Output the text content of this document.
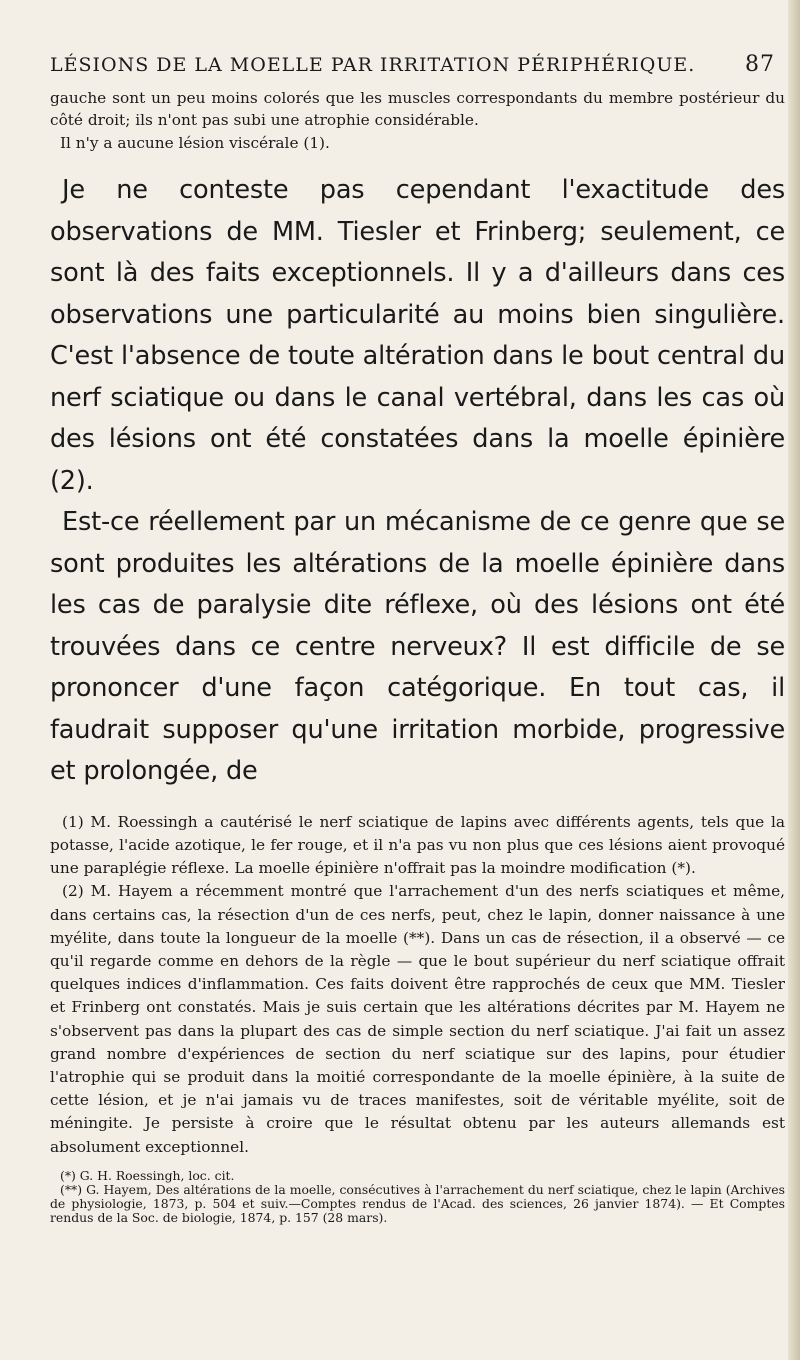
LÉSIONS DE LA MOELLE PAR IRRITATION PÉRIPHÉRIQUE. 87

gauche sont un peu moins colorés que les muscles correspondants du membre postérieur du côté droit; ils n'ont pas subi une atrophie considérable.

Il n'y a aucune lésion viscérale (1).

Je ne conteste pas cependant l'exactitude des observations de MM. Tiesler et Frinberg; seulement, ce sont là des faits exceptionnels. Il y a d'ailleurs dans ces observations une particularité au moins bien singulière. C'est l'absence de toute altération dans le bout central du nerf sciatique ou dans le canal vertébral, dans les cas où des lésions ont été constatées dans la moelle épinière (2).

Est-ce réellement par un mécanisme de ce genre que se sont produites les altérations de la moelle épinière dans les cas de paralysie dite réflexe, où des lésions ont été trouvées dans ce centre nerveux? Il est difficile de se prononcer d'une façon catégorique. En tout cas, il faudrait supposer qu'une irritation morbide, progressive et prolongée, de

(1) M. Roessingh a cautérisé le nerf sciatique de lapins avec différents agents, tels que la potasse, l'acide azotique, le fer rouge, et il n'a pas vu non plus que ces lésions aient provoqué une paraplégie réflexe. La moelle épinière n'offrait pas la moindre modification (*).

(2) M. Hayem a récemment montré que l'arrachement d'un des nerfs sciatiques et même, dans certains cas, la résection d'un de ces nerfs, peut, chez le lapin, donner naissance à une myélite, dans toute la longueur de la moelle (**). Dans un cas de résection, il a observé — ce qu'il regarde comme en dehors de la règle — que le bout supérieur du nerf sciatique offrait quelques indices d'inflammation. Ces faits doivent être rapprochés de ceux que MM. Tiesler et Frinberg ont constatés. Mais je suis certain que les altérations décrites par M. Hayem ne s'observent pas dans la plupart des cas de simple section du nerf sciatique. J'ai fait un assez grand nombre d'expériences de section du nerf sciatique sur des lapins, pour étudier l'atrophie qui se produit dans la moitié correspondante de la moelle épinière, à la suite de cette lésion, et je n'ai jamais vu de traces manifestes, soit de véritable myélite, soit de méningite. Je persiste à croire que le résultat obtenu par les auteurs allemands est absolument exceptionnel.

(*) G. H. Roessingh, loc. cit.

(**) G. Hayem, Des altérations de la moelle, consécutives à l'arrachement du nerf sciatique, chez le lapin (Archives de physiologie, 1873, p. 504 et suiv.—Comptes rendus de l'Acad. des sciences, 26 janvier 1874). — Et Comptes rendus de la Soc. de biologie, 1874, p. 157 (28 mars).
